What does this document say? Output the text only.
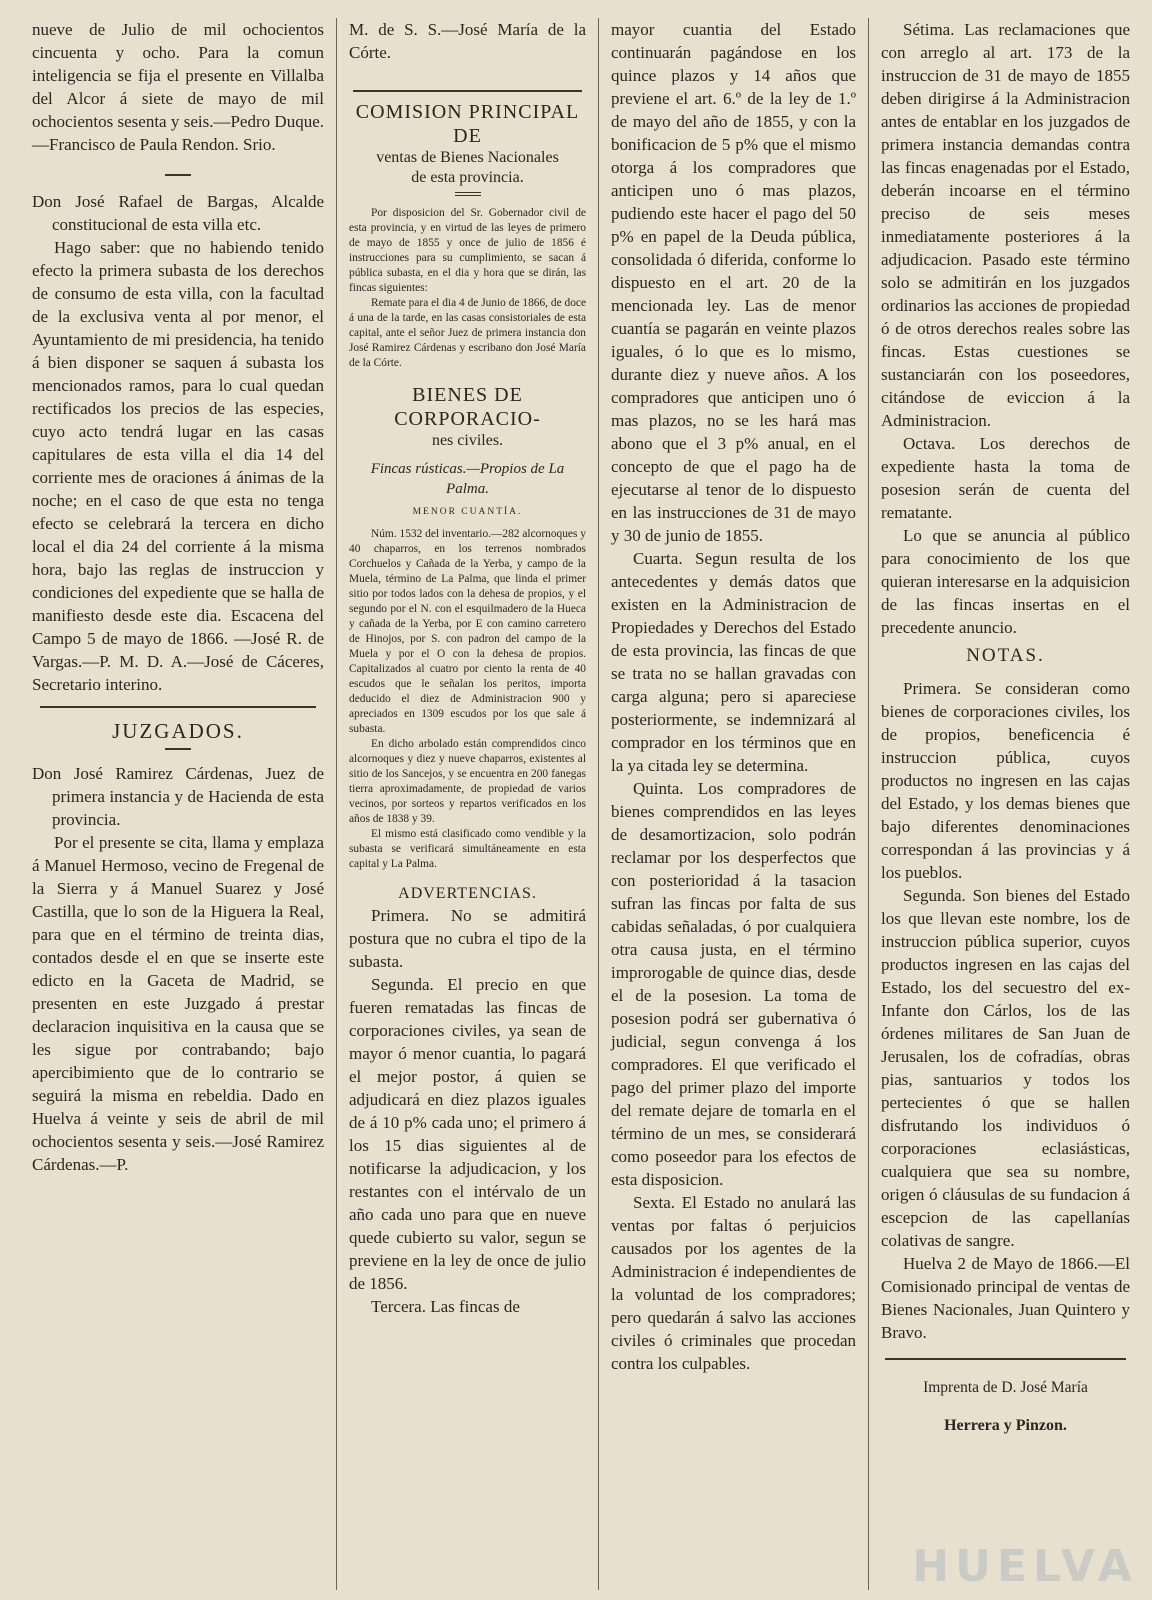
nueve de Julio de mil ochocientos cincuenta y ocho. Para la comun inteligencia se fija el presente en Villalba del Alcor á siete de mayo de mil ochocientos sesenta y seis.—Pedro Duque.—Francisco de Paula Rendon. Srio.

Don José Rafael de Bargas, Alcalde constitucional de esta villa etc.

Hago saber: que no habiendo tenido efecto la primera subasta de los derechos de consumo de esta villa, con la facultad de la exclusiva venta al por menor, el Ayuntamiento de mi presidencia, ha tenido á bien disponer se saquen á subasta los mencionados ramos, para lo cual quedan rectificados los precios de las especies, cuyo acto tendrá lugar en las casas capitulares de esta villa el dia 14 del corriente mes de oraciones á ánimas de la noche; en el caso de que esta no tenga efecto se celebrará la tercera en dicho local el dia 24 del corriente á la misma hora, bajo las reglas de instruccion y condiciones del expediente que se halla de manifiesto desde este dia. Escacena del Campo 5 de mayo de 1866. —José R. de Vargas.—P. M. D. A.—José de Cáceres, Secretario interino.

JUZGADOS.

Don José Ramirez Cárdenas, Juez de primera instancia y de Hacienda de esta provincia.

Por el presente se cita, llama y emplaza á Manuel Hermoso, vecino de Fregenal de la Sierra y á Manuel Suarez y José Castilla, que lo son de la Higuera la Real, para que en el término de treinta dias, contados desde el en que se inserte este edicto en la Gaceta de Madrid, se presenten en este Juzgado á prestar declaracion inquisitiva en la causa que se les sigue por contrabando; bajo apercibimiento que de lo contrario se seguirá la misma en rebeldia. Dado en Huelva á veinte y seis de abril de mil ochocientos sesenta y seis.—José Ramirez Cárdenas.—P.

M. de S. S.—José María de la Córte.

COMISION PRINCIPAL DE

ventas de Bienes Nacionales

de esta provincia.

Por disposicion del Sr. Gobernador civil de esta provincia, y en virtud de las leyes de primero de mayo de 1855 y once de julio de 1856 é instrucciones para su cumplimiento, se sacan á pública subasta, en el dia y hora que se dirán, las fincas siguientes:

Remate para el dia 4 de Junio de 1866, de doce á una de la tarde, en las casas consistoriales de esta capital, ante el señor Juez de primera instancia don José Ramirez Cárdenas y escribano don José María de la Córte.

BIENES DE CORPORACIO-

nes civiles.

Fincas rústicas.—Propios de La Palma.

MENOR CUANTÍA.

Núm. 1532 del inventario.—282 alcornoques y 40 chaparros, en los terrenos nombrados Corchuelos y Cañada de la Yerba, y campo de la Muela, término de La Palma, que linda el primer sitio por todos lados con la dehesa de propios, y el segundo por el N. con el esquilmadero de la Hueca y cañada de la Yerba, por E con camino carretero de Hinojos, por S. con padron del campo de la Muela y por el O con la dehesa de propios. Capitalizados al cuatro por ciento la renta de 40 escudos que le señalan los peritos, importa deducido el diez de Administracion 900 y apreciados en 1309 escudos por los que sale á subasta.

En dicho arbolado están comprendidos cinco alcornoques y diez y nueve chaparros, existentes al sitio de los Sancejos, y se encuentra en 200 fanegas tierra aproximadamente, de propiedad de varios vecinos, por sorteos y repartos verificados en los años de 1838 y 39.

El mismo está clasificado como vendible y la subasta se verificará simultáneamente en esta capital y La Palma.

ADVERTENCIAS.

Primera. No se admitirá postura que no cubra el tipo de la subasta.

Segunda. El precio en que fueren rematadas las fincas de corporaciones civiles, ya sean de mayor ó menor cuantia, lo pagará el mejor postor, á quien se adjudicará en diez plazos iguales de á 10 p% cada uno; el primero á los 15 dias siguientes al de notificarse la adjudicacion, y los restantes con el intérvalo de un año cada uno para que en nueve quede cubierto su valor, segun se previene en la ley de once de julio de 1856.

Tercera. Las fincas de

mayor cuantia del Estado continuarán pagándose en los quince plazos y 14 años que previene el art. 6.º de la ley de 1.º de mayo del año de 1855, y con la bonificacion de 5 p% que el mismo otorga á los compradores que anticipen uno ó mas plazos, pudiendo este hacer el pago del 50 p% en papel de la Deuda pública, consolidada ó diferida, conforme lo dispuesto en el art. 20 de la mencionada ley. Las de menor cuantía se pagarán en veinte plazos iguales, ó lo que es lo mismo, durante diez y nueve años. A los compradores que anticipen uno ó mas plazos, no se les hará mas abono que el 3 p% anual, en el concepto de que el pago ha de ejecutarse al tenor de lo dispuesto en las instrucciones de 31 de mayo y 30 de junio de 1855.

Cuarta. Segun resulta de los antecedentes y demás datos que existen en la Administracion de Propiedades y Derechos del Estado de esta provincia, las fincas de que se trata no se hallan gravadas con carga alguna; pero si apareciese posteriormente, se indemnizará al comprador en los términos que en la ya citada ley se determina.

Quinta. Los compradores de bienes comprendidos en las leyes de desamortizacion, solo podrán reclamar por los desperfectos que con posterioridad á la tasacion sufran las fincas por falta de sus cabidas señaladas, ó por cualquiera otra causa justa, en el término improrogable de quince dias, desde el de la posesion. La toma de posesion podrá ser gubernativa ó judicial, segun convenga á los compradores. El que verificado el pago del primer plazo del importe del remate dejare de tomarla en el término de un mes, se considerará como poseedor para los efectos de esta disposicion.

Sexta. El Estado no anulará las ventas por faltas ó perjuicios causados por los agentes de la Administracion é independientes de la voluntad de los compradores; pero quedarán á salvo las acciones civiles ó criminales que procedan contra los culpables.

Sétima. Las reclamaciones que con arreglo al art. 173 de la instruccion de 31 de mayo de 1855 deben dirigirse á la Administracion antes de entablar en los juzgados de primera instancia demandas contra las fincas enagenadas por el Estado, deberán incoarse en el término preciso de seis meses inmediatamente posteriores á la adjudicacion. Pasado este término solo se admitirán en los juzgados ordinarios las acciones de propiedad ó de otros derechos reales sobre las fincas. Estas cuestiones se sustanciarán con los poseedores, citándose de eviccion á la Administracion.

Octava. Los derechos de expediente hasta la toma de posesion serán de cuenta del rematante.

Lo que se anuncia al público para conocimiento de los que quieran interesarse en la adquisicion de las fincas insertas en el precedente anuncio.

NOTAS.

Primera. Se consideran como bienes de corporaciones civiles, los de propios, beneficencia é instruccion pública, cuyos productos no ingresen en las cajas del Estado, y los demas bienes que bajo diferentes denominaciones correspondan á las provincias y á los pueblos.

Segunda. Son bienes del Estado los que llevan este nombre, los de instruccion pública superior, cuyos productos ingresen en las cajas del Estado, los del secuestro del ex-Infante don Cárlos, los de las órdenes militares de San Juan de Jerusalen, los de cofradías, obras pias, santuarios y todos los pertecientes ó que se hallen disfrutando los individuos ó corporaciones eclasiásticas, cualquiera que sea su nombre, origen ó cláusulas de su fundacion á escepcion de las capellanías colativas de sangre.

Huelva 2 de Mayo de 1866.—El Comisionado principal de ventas de Bienes Nacionales, Juan Quintero y Bravo.

Imprenta de D. José María

Herrera y Pinzon.

HUELVA
